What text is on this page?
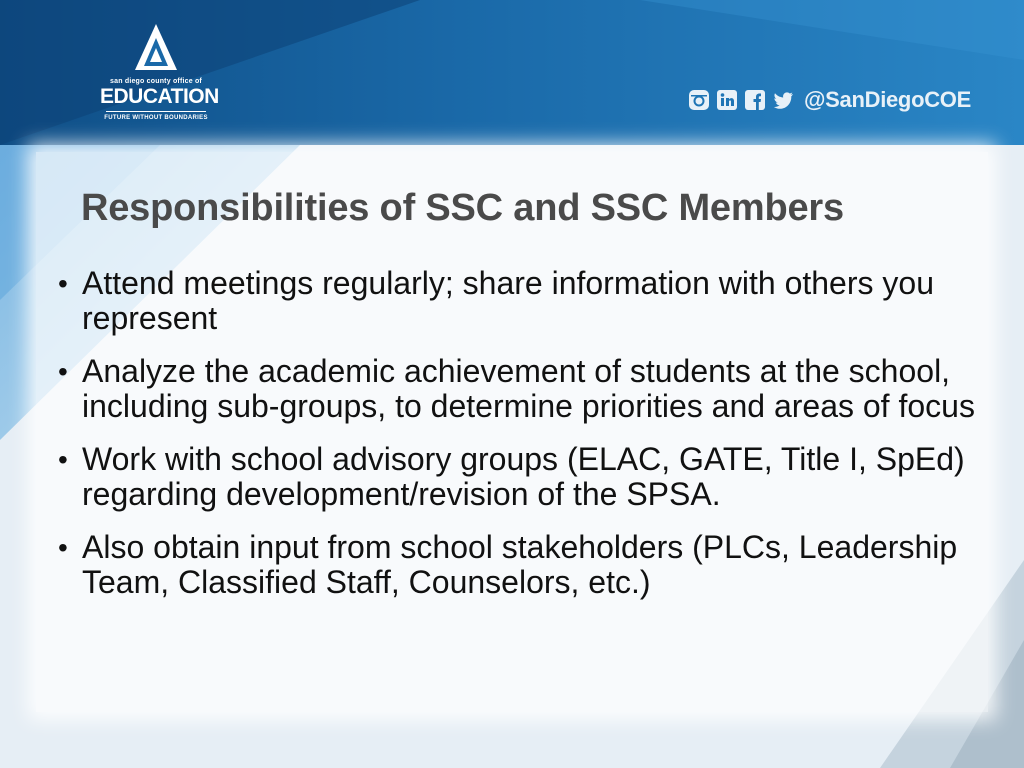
san diego county office of
EDUCATION
FUTURE WITHOUT BOUNDARIES
@SanDiegoCOE
Responsibilities of SSC and SSC Members
• Attend meetings regularly; share information with others you represent
• Analyze the academic achievement of students at the school, including sub-groups, to determine priorities and areas of focus
• Work with school advisory groups (ELAC, GATE, Title I, SpEd) regarding development/revision of the SPSA.
• Also obtain input from school stakeholders (PLCs, Leadership Team, Classified Staff, Counselors, etc.)
